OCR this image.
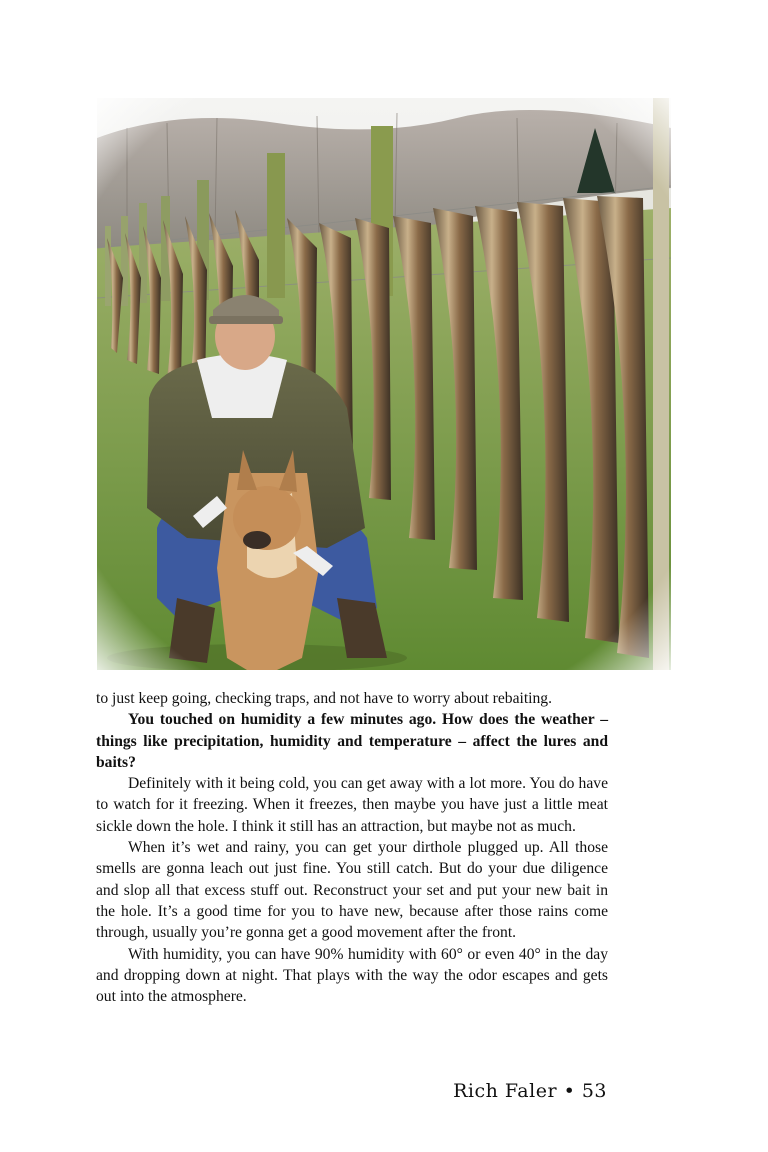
to just keep going, checking traps, and not have to worry about rebaiting.

You touched on humidity a few minutes ago. How does the weather – things like precipitation, humidity and temperature – affect the lures and baits?

Definitely with it being cold, you can get away with a lot more. You do have to watch for it freezing. When it freezes, then maybe you have just a little meat sickle down the hole. I think it still has an attraction, but maybe not as much.

When it’s wet and rainy, you can get your dirthole plugged up. All those smells are gonna leach out just fine. You still catch. But do your due diligence and slop all that excess stuff out. Reconstruct your set and put your new bait in the hole. It’s a good time for you to have new, because after those rains come through, usually you’re gonna get a good movement after the front.

With humidity, you can have 90% humidity with 60° or even 40° in the day and dropping down at night. That plays with the way the odor escapes and gets out into the atmosphere.

Rich Faler • 53
